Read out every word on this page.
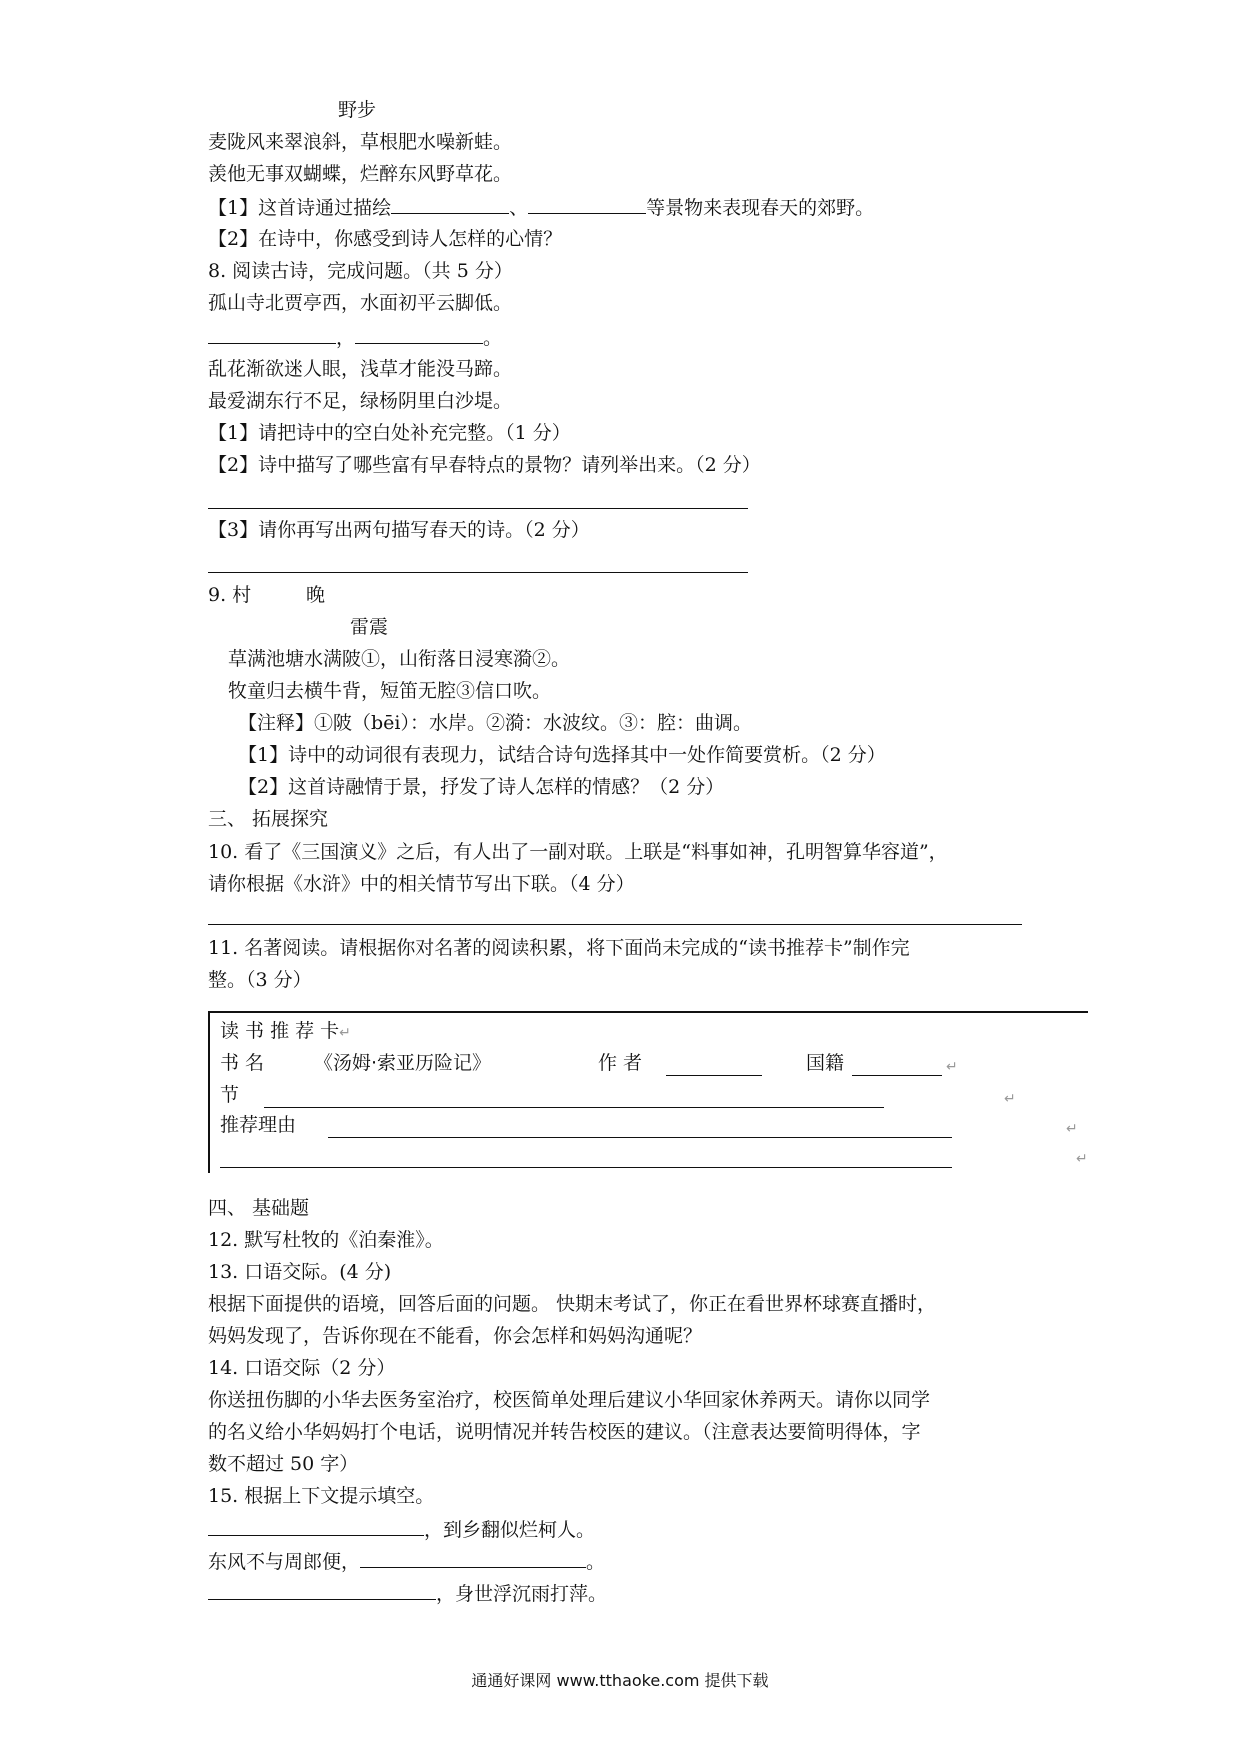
野步
麦陇风来翠浪斜，草根肥水噪新蛙。
羡他无事双蝴蝶，烂醉东风野草花。
【1】这首诗通过描绘	、	等景物来表现春天的郊野。
【2】在诗中，你感受到诗人怎样的心情？
8. 阅读古诗，完成问题。（共 5 分）
孤山寺北贾亭西，水面初平云脚低。
，	。
乱花渐欲迷人眼，浅草才能没马蹄。
最爱湖东行不足，绿杨阴里白沙堤。
【1】请把诗中的空白处补充完整。（1 分）
【2】诗中描写了哪些富有早春特点的景物？请列举出来。（2 分）
【3】请你再写出两句描写春天的诗。（2 分）
9. 村	晚
雷震
草满池塘水满陂①，山衔落日浸寒漪②。
牧童归去横牛背，短笛无腔③信口吹。
【注释】①陂（bēi）：水岸。②漪：水波纹。③：腔：曲调。
【1】诗中的动词很有表现力，试结合诗句选择其中一处作简要赏析。（2 分）
【2】这首诗融情于景，抒发了诗人怎样的情感？（2 分）
三、 拓展探究
10. 看了《三国演义》之后，有人出了一副对联。上联是“料事如神，孔明智算华容道”，
请你根据《水浒》中的相关情节写出下联。（4 分）
11. 名著阅读。请根据你对名著的阅读积累，将下面尚未完成的“读书推荐卡”制作完
整。（3 分）
读 书 推 荐 卡↵
书 名	《汤姆·索亚历险记》	作 者	国籍	↵
节	↵
推荐理由	↵
↵
四、 基础题
12. 默写杜牧的《泊秦淮》。
13. 口语交际。(4 分)
根据下面提供的语境，回答后面的问题。 快期末考试了，你正在看世界杯球赛直播时，
妈妈发现了，告诉你现在不能看，你会怎样和妈妈沟通呢？
14. 口语交际（2 分）
你送扭伤脚的小华去医务室治疗，校医简单处理后建议小华回家休养两天。请你以同学
的名义给小华妈妈打个电话，说明情况并转告校医的建议。（注意表达要简明得体，字
数不超过 50 字）
15. 根据上下文提示填空。
，到乡翻似烂柯人。
东风不与周郎便，	。
，身世浮沉雨打萍。
通通好课网 www.tthaoke.com 提供下载
